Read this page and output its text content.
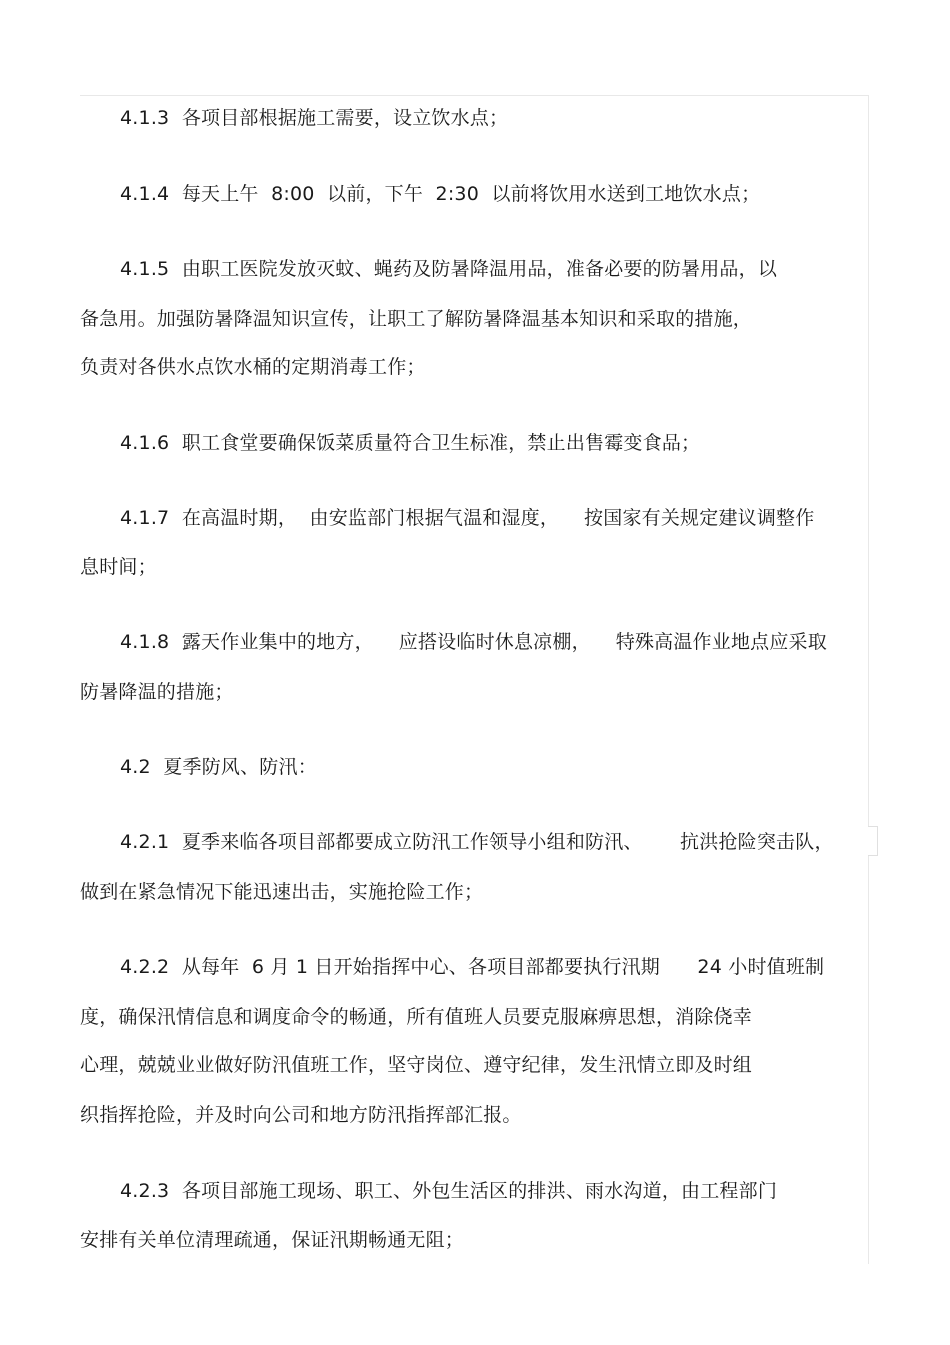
4.1.3  各项目部根据施工需要，设立饮水点；

4.1.4  每天上午  8:00  以前，下午  2:30  以前将饮用水送到工地饮水点；

4.1.5  由职工医院发放灭蚊、蝇药及防暑降温用品，准备必要的防暑用品，以

备急用。加强防暑降温知识宣传，让职工了解防暑降温基本知识和采取的措施，

负责对各供水点饮水桶的定期消毒工作；

4.1.6  职工食堂要确保饭菜质量符合卫生标准，禁止出售霉变食品；

4.1.7  在高温时期，  由安监部门根据气温和湿度，    按国家有关规定建议调整作

息时间；

4.1.8  露天作业集中的地方，    应搭设临时休息凉棚，    特殊高温作业地点应采取

防暑降温的措施；

4.2  夏季防风、防汛：

4.2.1  夏季来临各项目部都要成立防汛工作领导小组和防汛、      抗洪抢险突击队，

做到在紧急情况下能迅速出击，实施抢险工作；

4.2.2  从每年  6 月 1 日开始指挥中心、各项目部都要执行汛期      24 小时值班制

度，确保汛情信息和调度命令的畅通，所有值班人员要克服麻痹思想，消除侥幸

心理，兢兢业业做好防汛值班工作，坚守岗位、遵守纪律，发生汛情立即及时组

织指挥抢险，并及时向公司和地方防汛指挥部汇报。

4.2.3  各项目部施工现场、职工、外包生活区的排洪、雨水沟道，由工程部门

安排有关单位清理疏通，保证汛期畅通无阻；
